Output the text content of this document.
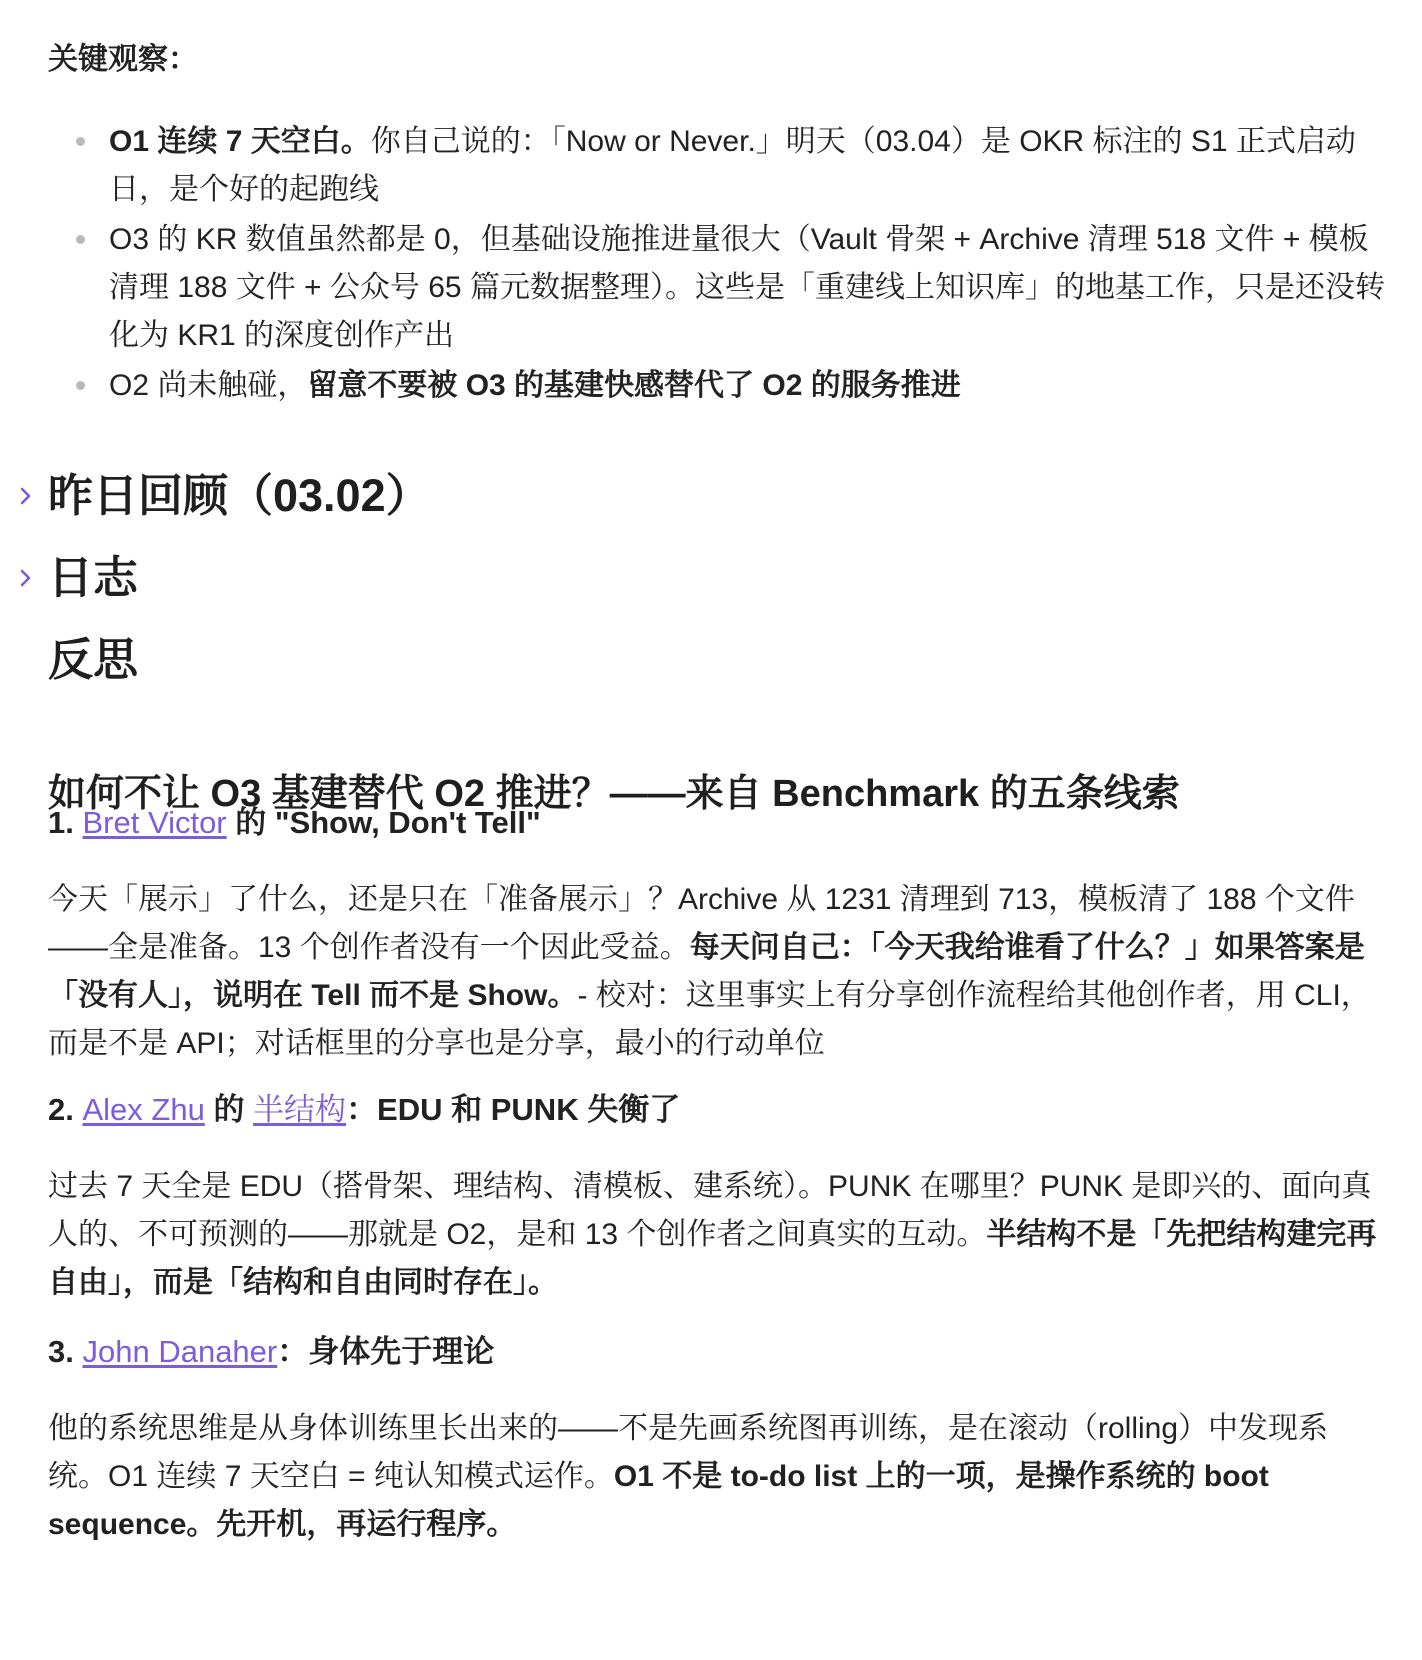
关键观察：
O1 连续 7 天空白。你自己说的：「Now or Never.」明天（03.04）是 OKR 标注的 S1 正式启动日，是个好的起跑线
O3 的 KR 数值虽然都是 0，但基础设施推进量很大（Vault 骨架 + Archive 清理 518 文件 + 模板清理 188 文件 + 公众号 65 篇元数据整理）。这些是「重建线上知识库」的地基工作，只是还没转化为 KR1 的深度创作产出
O2 尚未触碰，留意不要被 O3 的基建快感替代了 O2 的服务推进
昨日回顾（03.02）
日志
反思
如何不让 O3 基建替代 O2 推进？——来自 Benchmark 的五条线索
1. Bret Victor 的 "Show, Don't Tell"

今天「展示」了什么，还是只在「准备展示」？Archive 从 1231 清理到 713，模板清了 188 个文件——全是准备。13 个创作者没有一个因此受益。每天问自己：「今天我给谁看了什么？」如果答案是「没有人」，说明在 Tell 而不是 Show。- 校对：这里事实上有分享创作流程给其他创作者，用 CLI，而是不是 API；对话框里的分享也是分享，最小的行动单位

2. Alex Zhu 的 半结构：EDU 和 PUNK 失衡了

过去 7 天全是 EDU（搭骨架、理结构、清模板、建系统）。PUNK 在哪里？PUNK 是即兴的、面向真人的、不可预测的——那就是 O2，是和 13 个创作者之间真实的互动。半结构不是「先把结构建完再自由」，而是「结构和自由同时存在」。

3. John Danaher：身体先于理论

他的系统思维是从身体训练里长出来的——不是先画系统图再训练，是在滚动（rolling）中发现系统。O1 连续 7 天空白 = 纯认知模式运作。O1 不是 to-do list 上的一项，是操作系统的 boot sequence。先开机，再运行程序。
